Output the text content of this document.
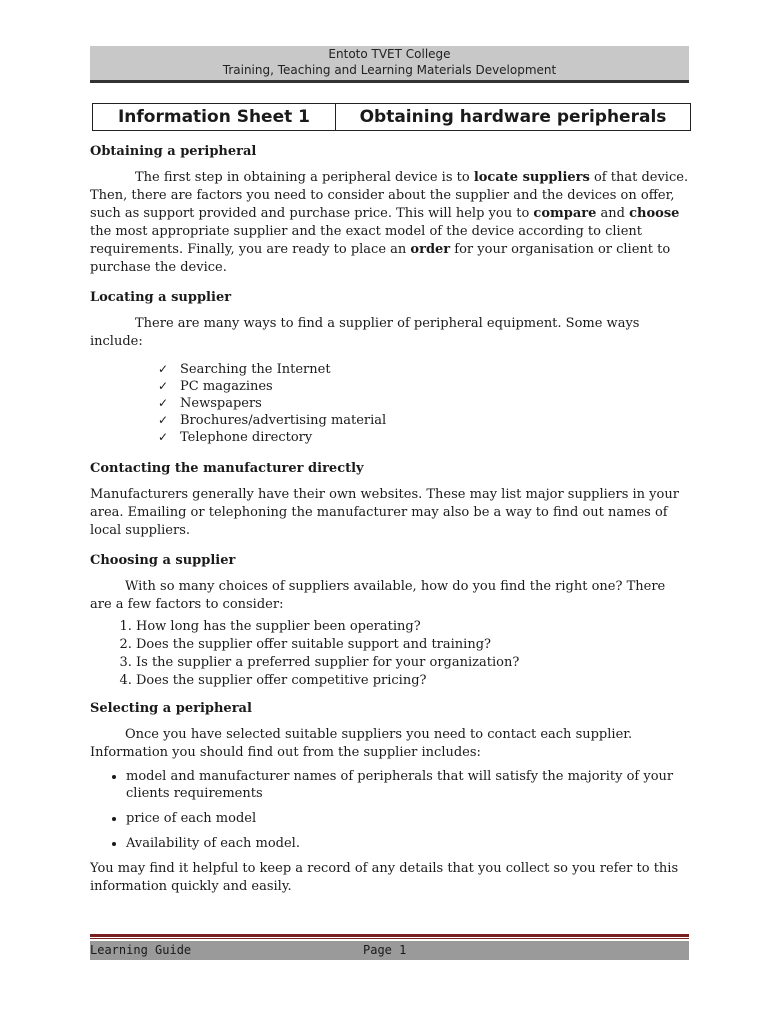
Entoto TVET College
Training, Teaching and Learning Materials Development
Information Sheet 1	Obtaining hardware peripherals
Obtaining a peripheral

The first step in obtaining a peripheral device is to locate suppliers of that device. Then, there are factors you need to consider about the supplier and the devices on offer, such as support provided and purchase price. This will help you to compare and choose the most appropriate supplier and the exact model of the device according to client requirements. Finally, you are ready to place an order for your organisation or client to purchase the device.

Locating a supplier

There are many ways to find a supplier of peripheral equipment. Some ways include:

✓ Searching the Internet
✓ PC magazines
✓ Newspapers
✓ Brochures/advertising material
✓ Telephone directory
Contacting the manufacturer directly

Manufacturers generally have their own websites. These may list major suppliers in your area. Emailing or telephoning the manufacturer may also be a way to find out names of local suppliers.

Choosing a supplier

With so many choices of suppliers available, how do you find the right one? There are a few factors to consider:

1. How long has the supplier been operating?
2. Does the supplier offer suitable support and training?
3. Is the supplier a preferred supplier for your organization?
4. Does the supplier offer competitive pricing?
Selecting a peripheral

Once you have selected suitable suppliers you need to contact each supplier. Information you should find out from the supplier includes:

• model and manufacturer names of peripherals that will satisfy the majority of your clients requirements
• price of each model
• Availability of each model.

You may find it helpful to keep a record of any details that you collect so you refer to this information quickly and easily.

Learning Guide	Page 1
